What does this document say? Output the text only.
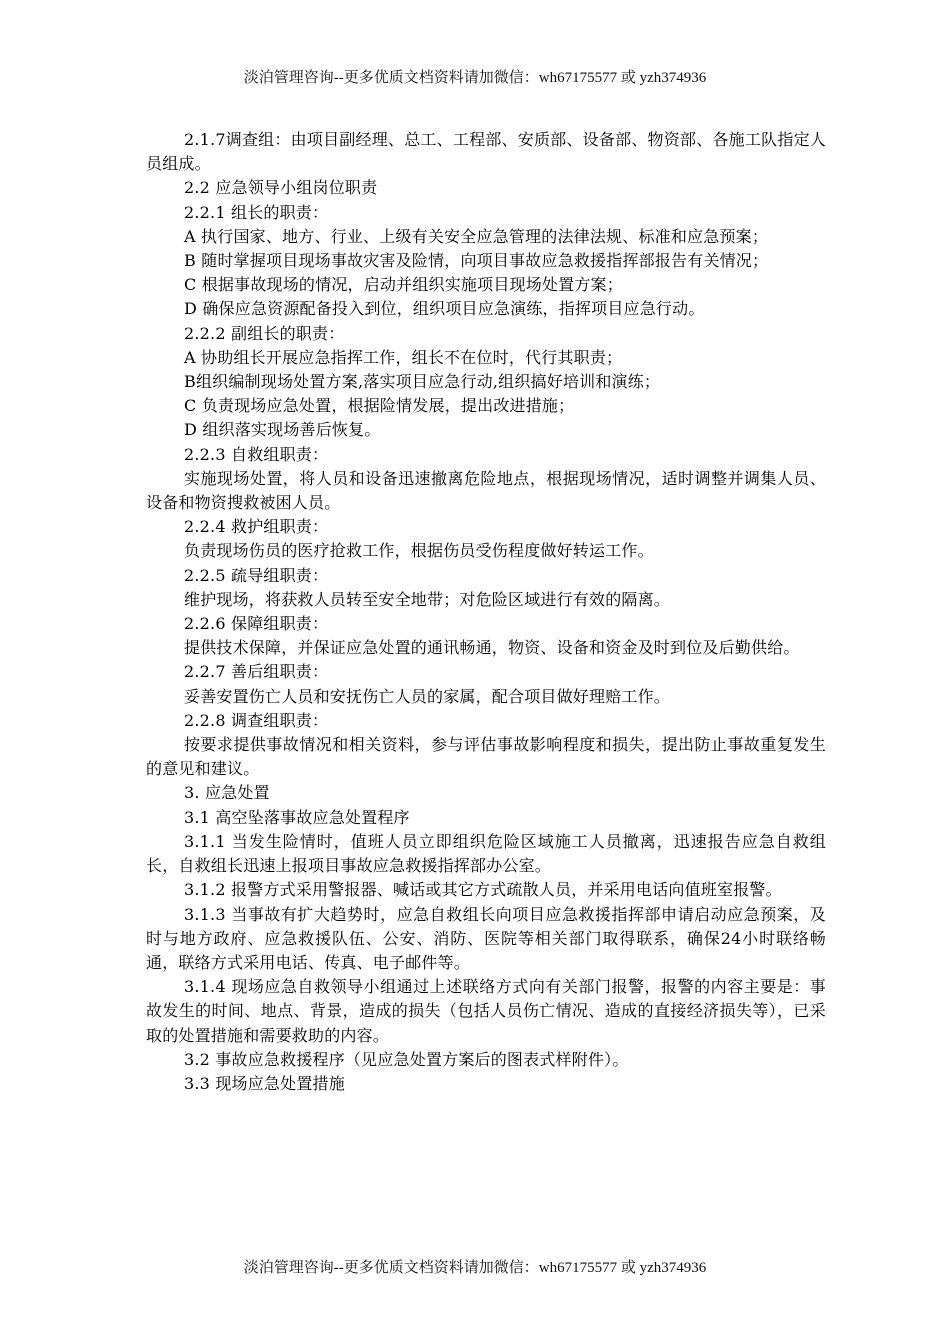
淡泊管理咨询--更多优质文档资料请加微信：wh67175577 或 yzh374936

2.1.7调查组：由项目副经理、总工、工程部、安质部、设备部、物资部、各施工队指定人员组成。

2.2 应急领导小组岗位职责

2.2.1 组长的职责：

A 执行国家、地方、行业、上级有关安全应急管理的法律法规、标准和应急预案；

B 随时掌握项目现场事故灾害及险情，向项目事故应急救援指挥部报告有关情况；

C 根据事故现场的情况，启动并组织实施项目现场处置方案；

D 确保应急资源配备投入到位，组织项目应急演练，指挥项目应急行动。

2.2.2 副组长的职责：

A 协助组长开展应急指挥工作，组长不在位时，代行其职责；

B组织编制现场处置方案,落实项目应急行动,组织搞好培训和演练；

C 负责现场应急处置，根据险情发展，提出改进措施；

D 组织落实现场善后恢复。

2.2.3 自救组职责：

实施现场处置，将人员和设备迅速撤离危险地点，根据现场情况，适时调整并调集人员、设备和物资搜救被困人员。

2.2.4 救护组职责：

负责现场伤员的医疗抢救工作，根据伤员受伤程度做好转运工作。

2.2.5 疏导组职责：

维护现场，将获救人员转至安全地带；对危险区域进行有效的隔离。

2.2.6 保障组职责：

提供技术保障，并保证应急处置的通讯畅通，物资、设备和资金及时到位及后勤供给。

2.2.7 善后组职责：

妥善安置伤亡人员和安抚伤亡人员的家属，配合项目做好理赔工作。

2.2.8 调查组职责：

按要求提供事故情况和相关资料，参与评估事故影响程度和损失，提出防止事故重复发生的意见和建议。

3. 应急处置

3.1 高空坠落事故应急处置程序

3.1.1 当发生险情时，值班人员立即组织危险区域施工人员撤离，迅速报告应急自救组长，自救组长迅速上报项目事故应急救援指挥部办公室。

3.1.2 报警方式采用警报器、喊话或其它方式疏散人员，并采用电话向值班室报警。

3.1.3 当事故有扩大趋势时，应急自救组长向项目应急救援指挥部申请启动应急预案，及时与地方政府、应急救援队伍、公安、消防、医院等相关部门取得联系，确保24小时联络畅通，联络方式采用电话、传真、电子邮件等。

3.1.4 现场应急自救领导小组通过上述联络方式向有关部门报警，报警的内容主要是：事故发生的时间、地点、背景，造成的损失（包括人员伤亡情况、造成的直接经济损失等），已采取的处置措施和需要救助的内容。

3.2 事故应急救援程序（见应急处置方案后的图表式样附件）。

3.3 现场应急处置措施

淡泊管理咨询--更多优质文档资料请加微信：wh67175577 或 yzh374936
